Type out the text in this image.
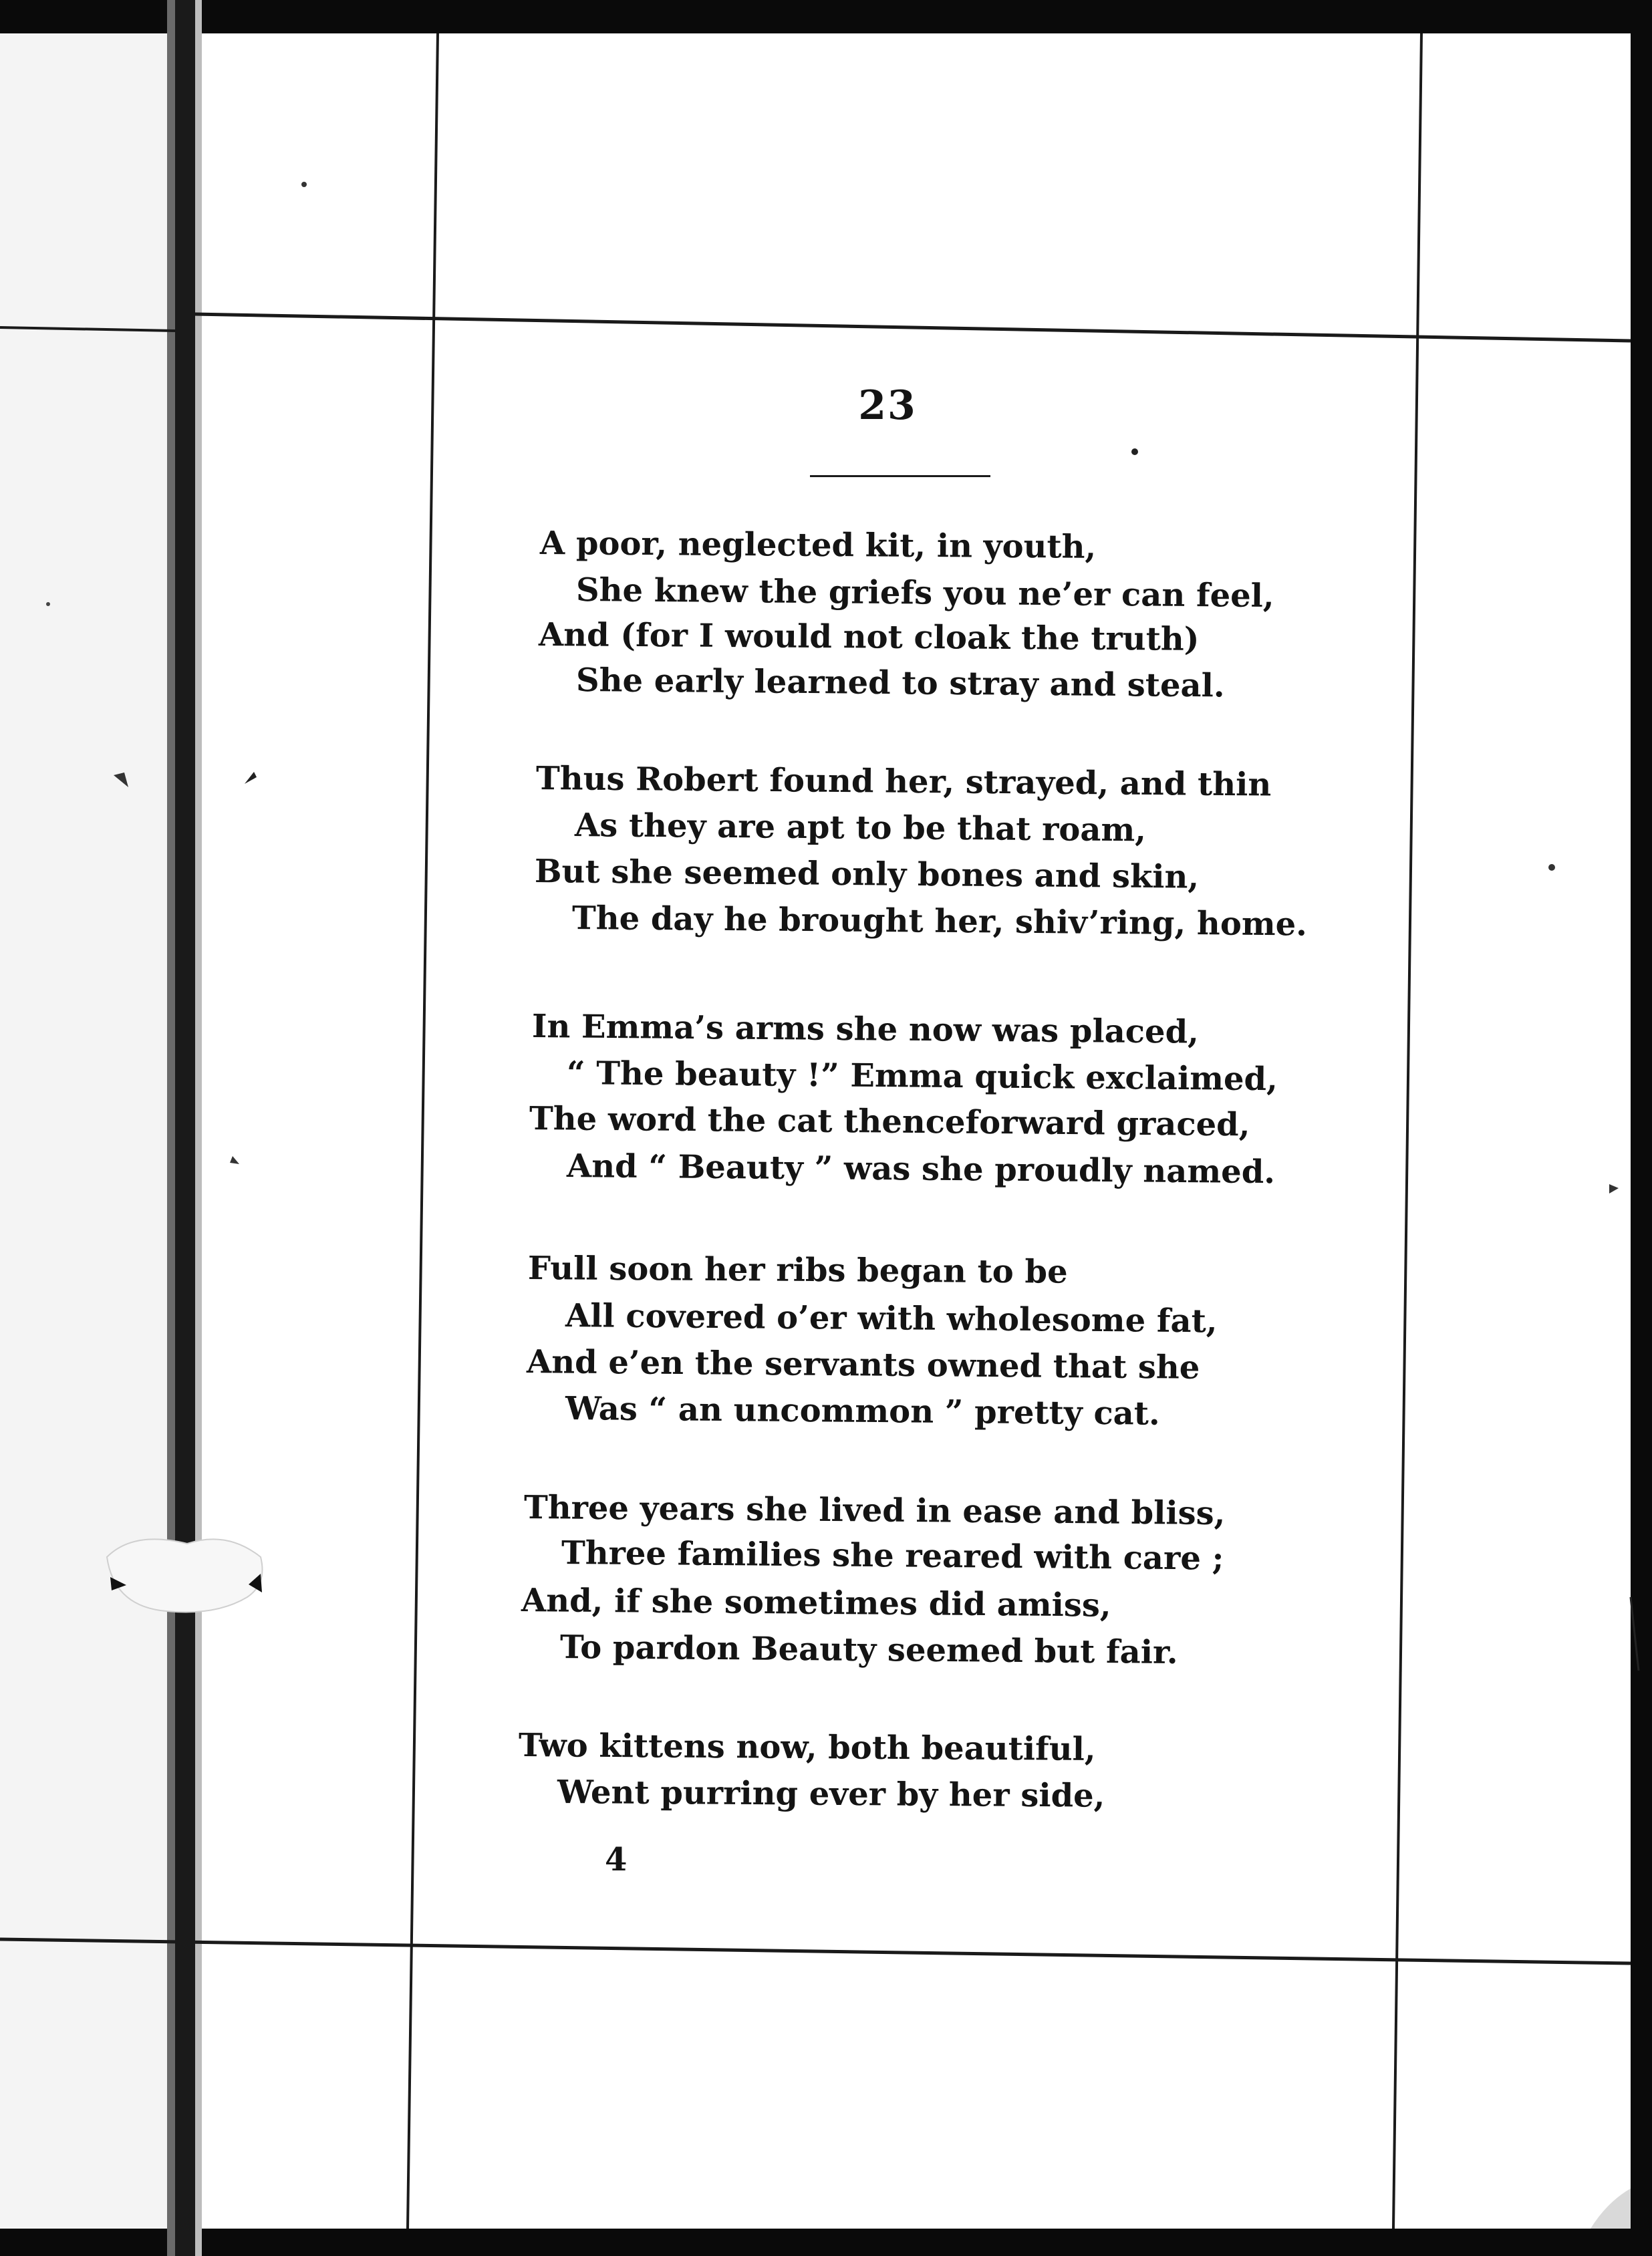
23
A poor, neglected kit, in youth,
She knew the griefs you ne’er can feel,
And (for I would not cloak the truth)
She early learned to stray and steal.
Thus Robert found her, strayed, and thin
As they are apt to be that roam,
But she seemed only bones and skin,
The day he brought her, shiv’ring, home.
In Emma’s arms she now was placed,
“ The beauty !” Emma quick exclaimed,
The word the cat thenceforward graced,
And “ Beauty ” was she proudly named.
Full soon her ribs began to be
All covered o’er with wholesome fat,
And e’en the servants owned that she
Was “ an uncommon ” pretty cat.
Three years she lived in ease and bliss,
Three families she reared with care ;
And, if she sometimes did amiss,
To pardon Beauty seemed but fair.
Two kittens now, both beautiful,
Went purring ever by her side,
4
